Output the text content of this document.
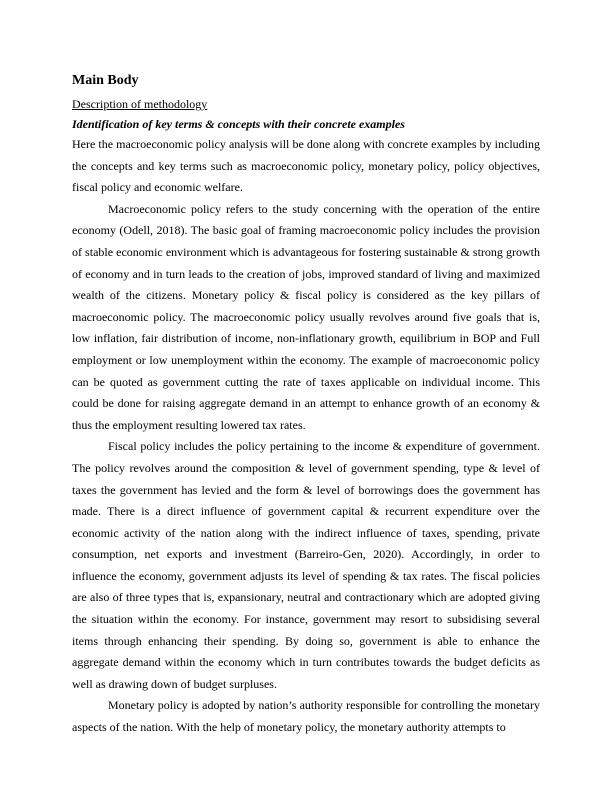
Main Body
Description of methodology
Identification of key terms & concepts with their concrete examples

Here the macroeconomic policy analysis will be done along with concrete examples by including the concepts and key terms such as macroeconomic policy, monetary policy, policy objectives, fiscal policy and economic welfare.

Macroeconomic policy refers to the study concerning with the operation of the entire economy (Odell, 2018). The basic goal of framing macroeconomic policy includes the provision of stable economic environment which is advantageous for fostering sustainable & strong growth of economy and in turn leads to the creation of jobs, improved standard of living and maximized wealth of the citizens. Monetary policy & fiscal policy is considered as the key pillars of macroeconomic policy. The macroeconomic policy usually revolves around five goals that is, low inflation, fair distribution of income, non-inflationary growth, equilibrium in BOP and Full employment or low unemployment within the economy. The example of macroeconomic policy can be quoted as government cutting the rate of taxes applicable on individual income. This could be done for raising aggregate demand in an attempt to enhance growth of an economy & thus the employment resulting lowered tax rates.

Fiscal policy includes the policy pertaining to the income & expenditure of government. The policy revolves around the composition & level of government spending, type & level of taxes the government has levied and the form & level of borrowings does the government has made. There is a direct influence of government capital & recurrent expenditure over the economic activity of the nation along with the indirect influence of taxes, spending, private consumption, net exports and investment (Barreiro-Gen, 2020). Accordingly, in order to influence the economy, government adjusts its level of spending & tax rates. The fiscal policies are also of three types that is, expansionary, neutral and contractionary which are adopted giving the situation within the economy. For instance, government may resort to subsidising several items through enhancing their spending. By doing so, government is able to enhance the aggregate demand within the economy which in turn contributes towards the budget deficits as well as drawing down of budget surpluses.

Monetary policy is adopted by nation’s authority responsible for controlling the monetary aspects of the nation. With the help of monetary policy, the monetary authority attempts to
